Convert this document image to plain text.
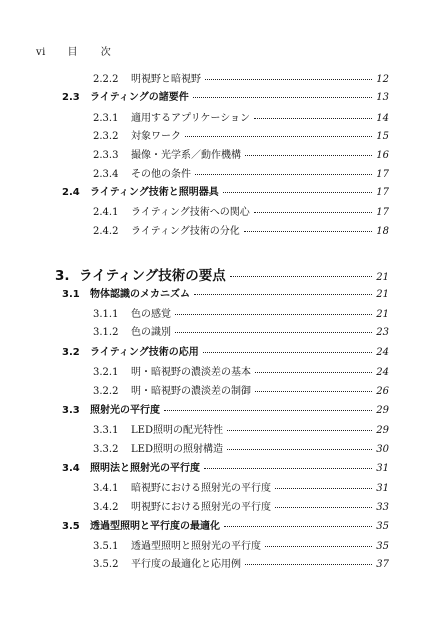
vi 目 次
2.2.2	明視野と暗視野	12
2.3	ライティングの諸要件	13
2.3.1	適用するアプリケーション	14
2.3.2	対象ワーク	15
2.3.3	撮像・光学系／動作機構	16
2.3.4	その他の条件	17
2.4	ライティング技術と照明器具	17
2.4.1	ライティング技術への関心	17
2.4.2	ライティング技術の分化	18
3. ライティング技術の要点	21
3.1	物体認識のメカニズム	21
3.1.1	色の感覚	21
3.1.2	色の識別	23
3.2	ライティング技術の応用	24
3.2.1	明・暗視野の濃淡差の基本	24
3.2.2	明・暗視野の濃淡差の制御	26
3.3	照射光の平行度	29
3.3.1	LED照明の配光特性	29
3.3.2	LED照明の照射構造	30
3.4	照明法と照射光の平行度	31
3.4.1	暗視野における照射光の平行度	31
3.4.2	明視野における照射光の平行度	33
3.5	透過型照明と平行度の最適化	35
3.5.1	透過型照明と照射光の平行度	35
3.5.2	平行度の最適化と応用例	37
